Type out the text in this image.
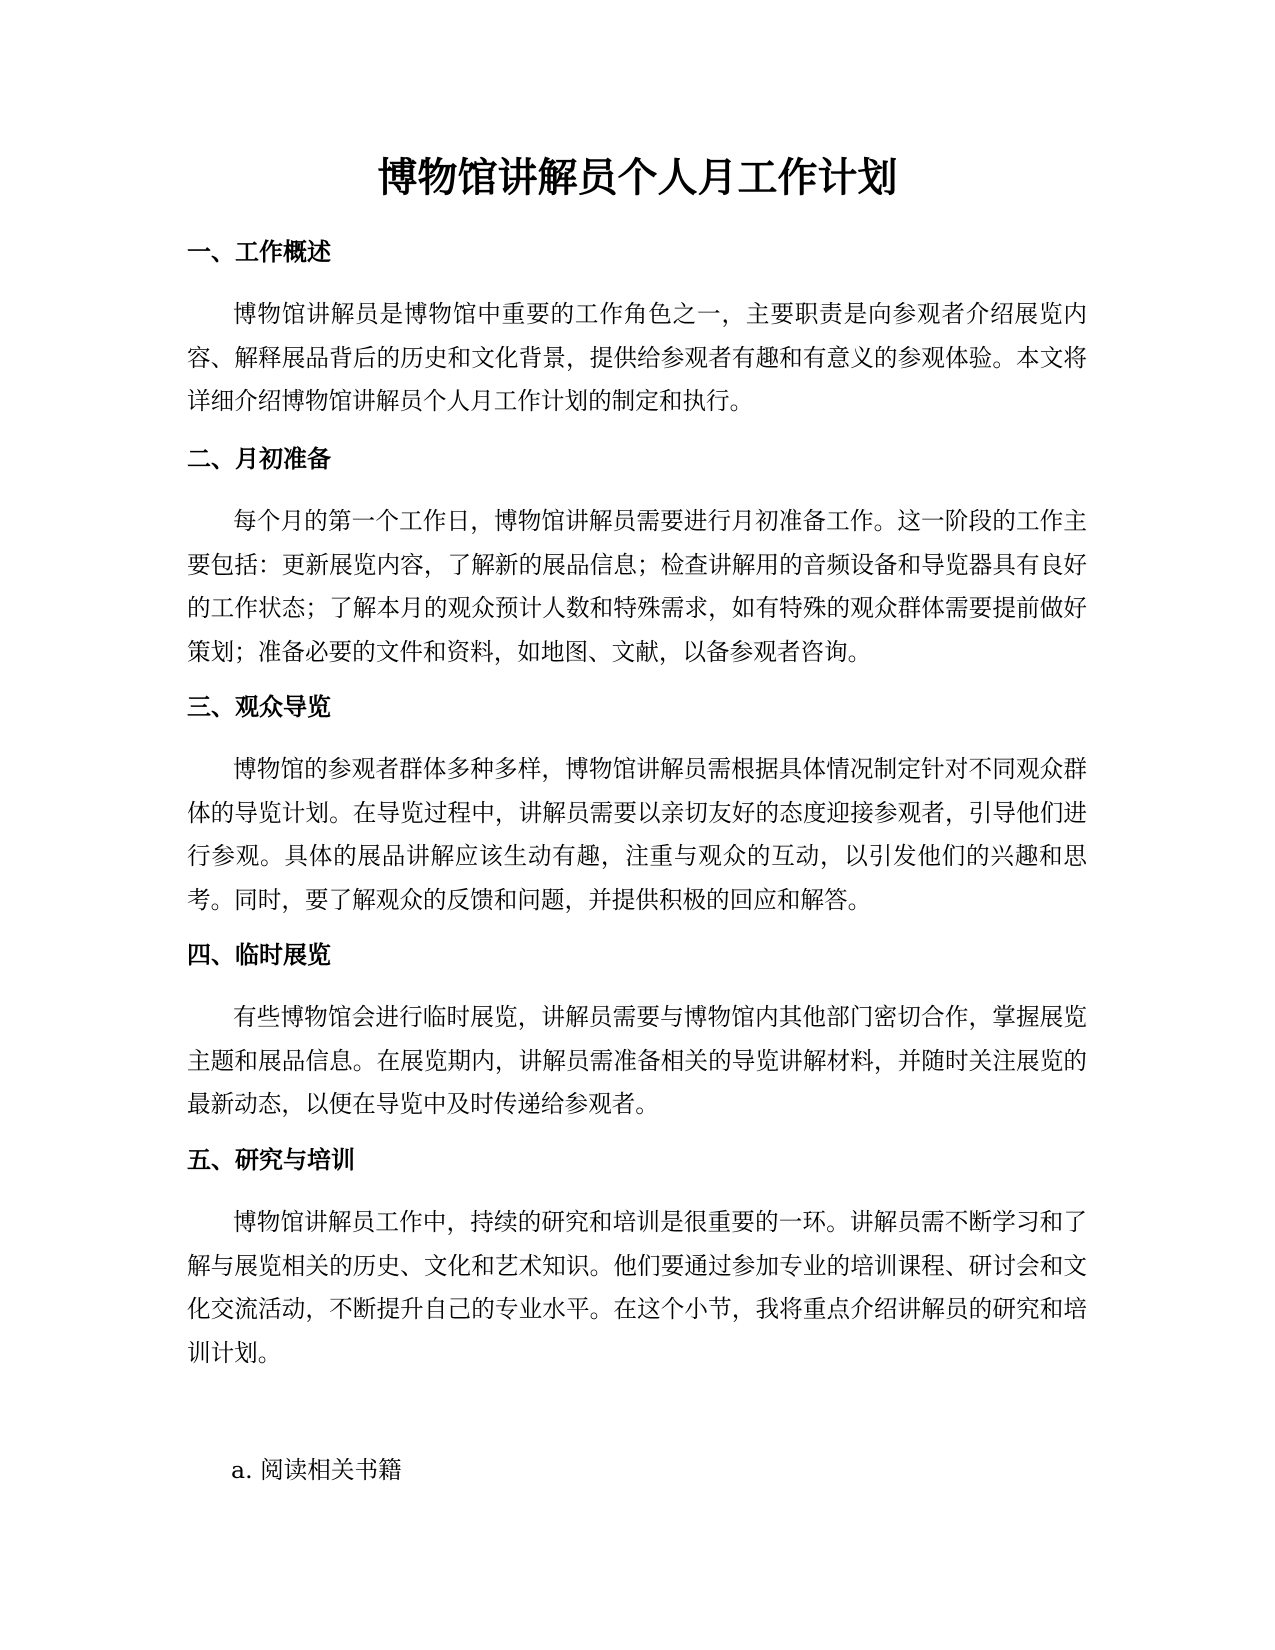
博物馆讲解员个人月工作计划
一、工作概述

博物馆讲解员是博物馆中重要的工作角色之一，主要职责是向参观者介绍展览内容、解释展品背后的历史和文化背景，提供给参观者有趣和有意义的参观体验。本文将详细介绍博物馆讲解员个人月工作计划的制定和执行。

二、月初准备

每个月的第一个工作日，博物馆讲解员需要进行月初准备工作。这一阶段的工作主要包括：更新展览内容，了解新的展品信息；检查讲解用的音频设备和导览器具有良好的工作状态；了解本月的观众预计人数和特殊需求，如有特殊的观众群体需要提前做好策划；准备必要的文件和资料，如地图、文献，以备参观者咨询。

三、观众导览

博物馆的参观者群体多种多样，博物馆讲解员需根据具体情况制定针对不同观众群体的导览计划。在导览过程中，讲解员需要以亲切友好的态度迎接参观者，引导他们进行参观。具体的展品讲解应该生动有趣，注重与观众的互动，以引发他们的兴趣和思考。同时，要了解观众的反馈和问题，并提供积极的回应和解答。

四、临时展览

有些博物馆会进行临时展览，讲解员需要与博物馆内其他部门密切合作，掌握展览主题和展品信息。在展览期内，讲解员需准备相关的导览讲解材料，并随时关注展览的最新动态，以便在导览中及时传递给参观者。

五、研究与培训

博物馆讲解员工作中，持续的研究和培训是很重要的一环。讲解员需不断学习和了解与展览相关的历史、文化和艺术知识。他们要通过参加专业的培训课程、研讨会和文化交流活动，不断提升自己的专业水平。在这个小节，我将重点介绍讲解员的研究和培训计划。

a. 阅读相关书籍
